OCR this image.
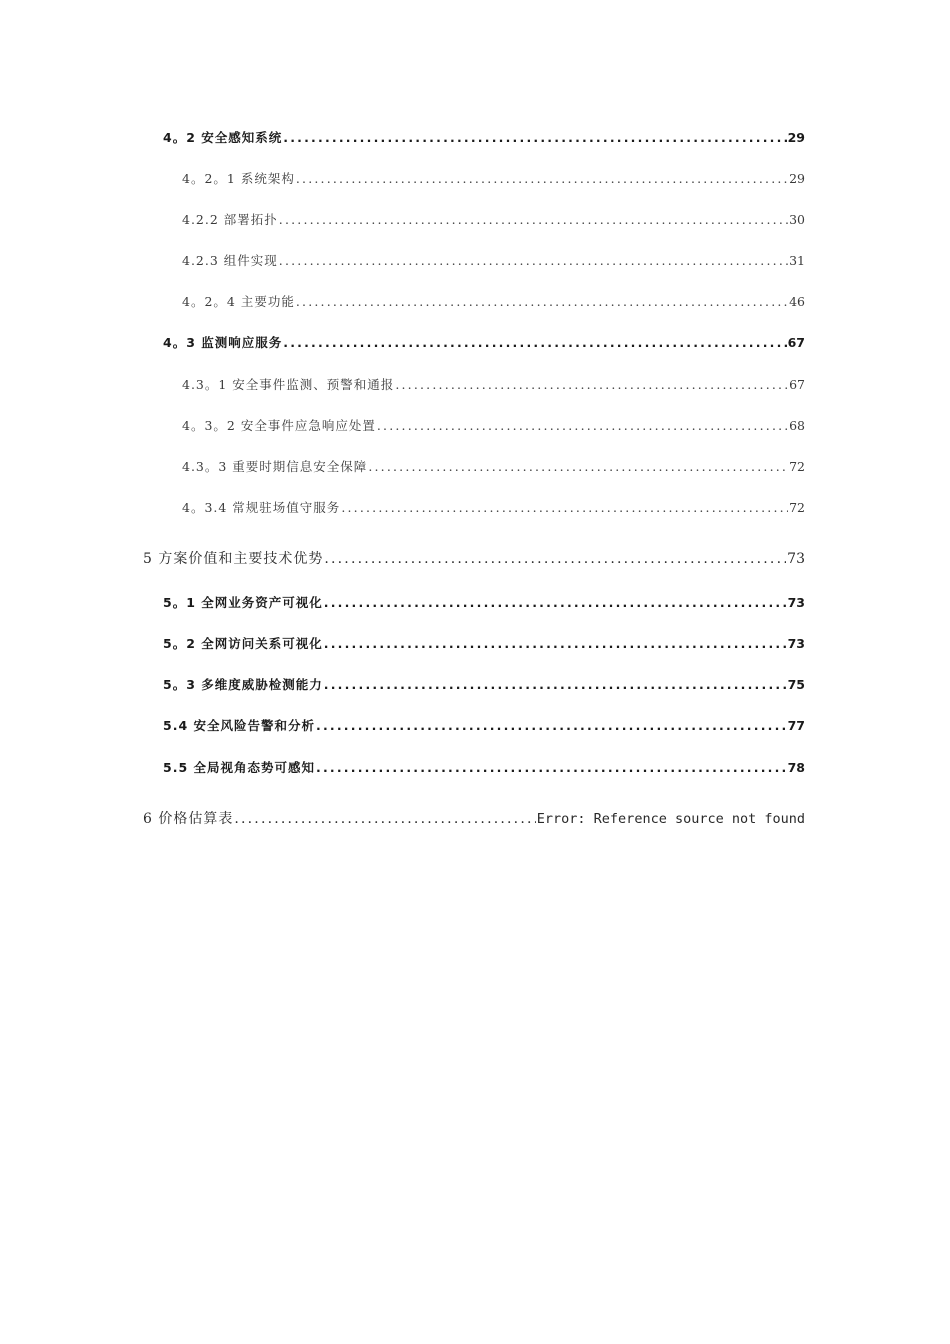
4。2 安全感知系统 .....	29
4。2。1 系统架构 .....	29
4.2.2 部署拓扑 .....	30
4.2.3 组件实现 .....	31
4。2。4 主要功能 .....	46
4。3 监测响应服务 .....	67
4.3。1 安全事件监测、预警和通报 .....	67
4。3。2 安全事件应急响应处置 .....	68
4.3。3 重要时期信息安全保障 .....	72
4。3.4 常规驻场值守服务 .....	72
5 方案价值和主要技术优势 .....	73
5。1 全网业务资产可视化 .....	73
5。2 全网访问关系可视化 .....	73
5。3 多维度威胁检测能力 .....	75
5.4 安全风险告警和分析 .....	77
5.5 全局视角态势可感知 .....	78
6 价格估算表 .....	Error: Reference source not found
